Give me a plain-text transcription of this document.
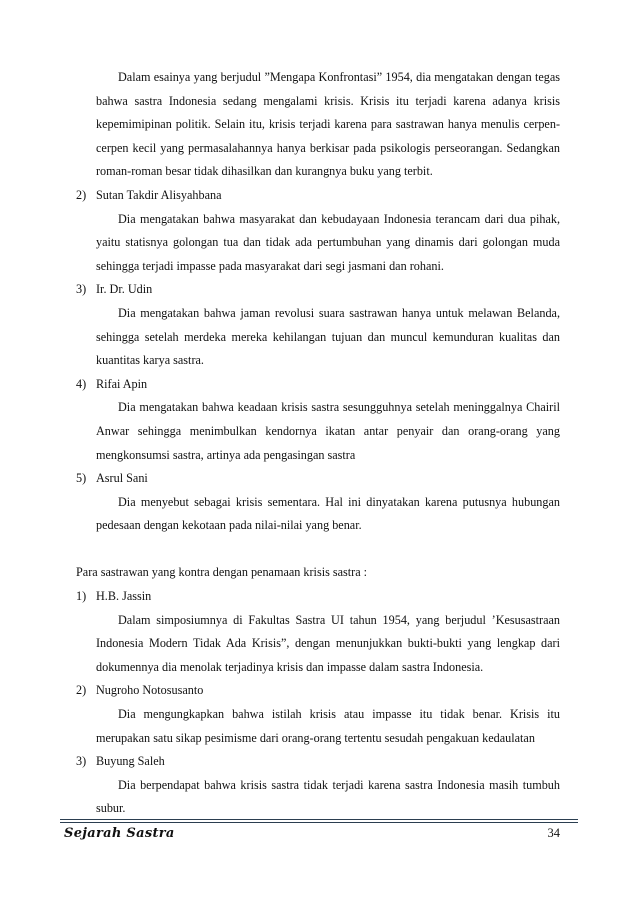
Dalam esainya yang berjudul ”Mengapa Konfrontasi” 1954, dia mengatakan dengan tegas bahwa sastra Indonesia sedang mengalami krisis. Krisis itu terjadi karena adanya krisis kepemimipinan politik. Selain itu, krisis terjadi karena para sastrawan hanya menulis cerpen-cerpen kecil yang permasalahannya hanya berkisar pada psikologis perseorangan. Sedangkan roman-roman besar tidak dihasilkan dan kurangnya buku yang terbit.

2) Sutan Takdir Alisyahbana

Dia mengatakan bahwa masyarakat dan kebudayaan Indonesia terancam dari dua pihak, yaitu statisnya golongan tua dan tidak ada pertumbuhan yang dinamis dari golongan muda sehingga terjadi impasse pada masyarakat dari segi jasmani dan rohani.

3) Ir. Dr. Udin

Dia mengatakan bahwa jaman revolusi suara sastrawan hanya untuk melawan Belanda, sehingga setelah merdeka mereka kehilangan tujuan dan muncul kemunduran kualitas dan kuantitas karya sastra.

4) Rifai Apin

Dia mengatakan bahwa keadaan krisis sastra sesungguhnya setelah meninggalnya Chairil Anwar sehingga menimbulkan kendornya ikatan antar penyair dan orang-orang yang mengkonsumsi sastra, artinya ada pengasingan sastra

5) Asrul Sani

Dia menyebut sebagai krisis sementara. Hal ini dinyatakan karena putusnya hubungan pedesaan dengan kekotaan pada nilai-nilai yang benar.

Para sastrawan yang kontra dengan penamaan krisis sastra :

1) H.B. Jassin

Dalam simposiumnya di Fakultas Sastra UI tahun 1954, yang berjudul ’Kesusastraan Indonesia Modern Tidak Ada Krisis”, dengan menunjukkan bukti-bukti yang lengkap dari dokumennya dia menolak terjadinya krisis dan impasse dalam sastra Indonesia.

2) Nugroho Notosusanto

Dia mengungkapkan bahwa istilah krisis atau impasse itu tidak benar. Krisis itu merupakan satu sikap pesimisme dari orang-orang tertentu sesudah pengakuan kedaulatan

3) Buyung Saleh

Dia berpendapat bahwa krisis sastra tidak terjadi karena sastra Indonesia masih tumbuh subur.

Sejarah Sastra	34
